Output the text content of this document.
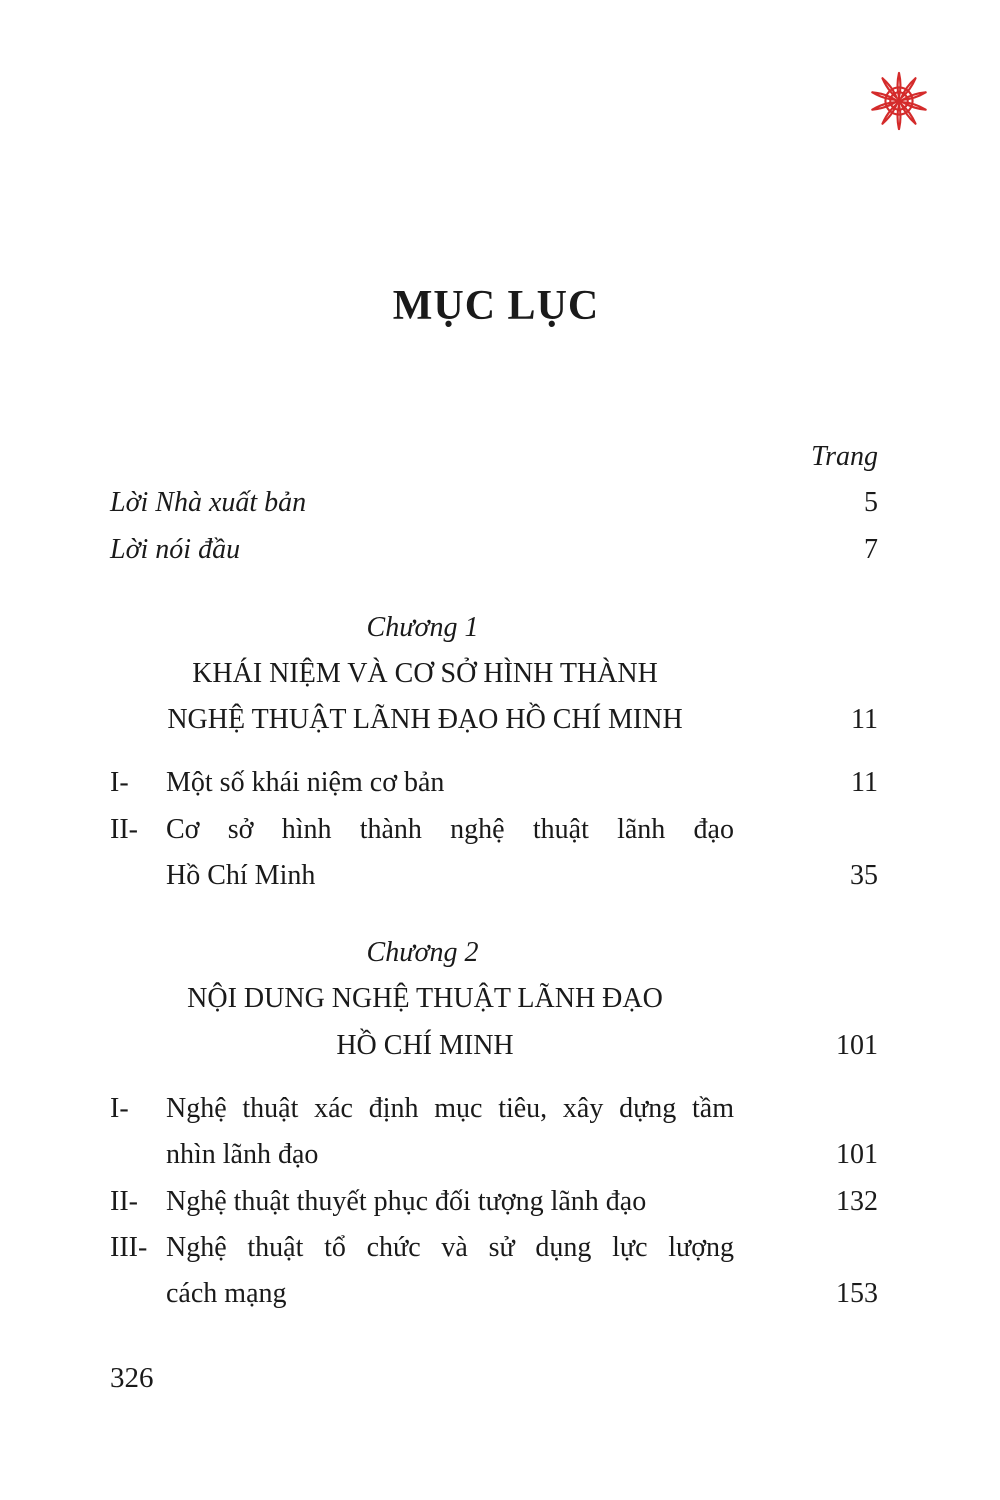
MỤC LỤC
Trang
Lời Nhà xuất bản	5
Lời nói đầu	7
Chương 1
KHÁI NIỆM VÀ CƠ SỞ HÌNH THÀNH
NGHỆ THUẬT LÃNH ĐẠO HỒ CHÍ MINH	11
I- Một số khái niệm cơ bản	11
II- Cơ sở hình thành nghệ thuật lãnh đạo
Hồ Chí Minh	35
Chương 2
NỘI DUNG NGHỆ THUẬT LÃNH ĐẠO
HỒ CHÍ MINH	101
I- Nghệ thuật xác định mục tiêu, xây dựng tầm
nhìn lãnh đạo	101
II- Nghệ thuật thuyết phục đối tượng lãnh đạo	132
III- Nghệ thuật tổ chức và sử dụng lực lượng
cách mạng	153
326
